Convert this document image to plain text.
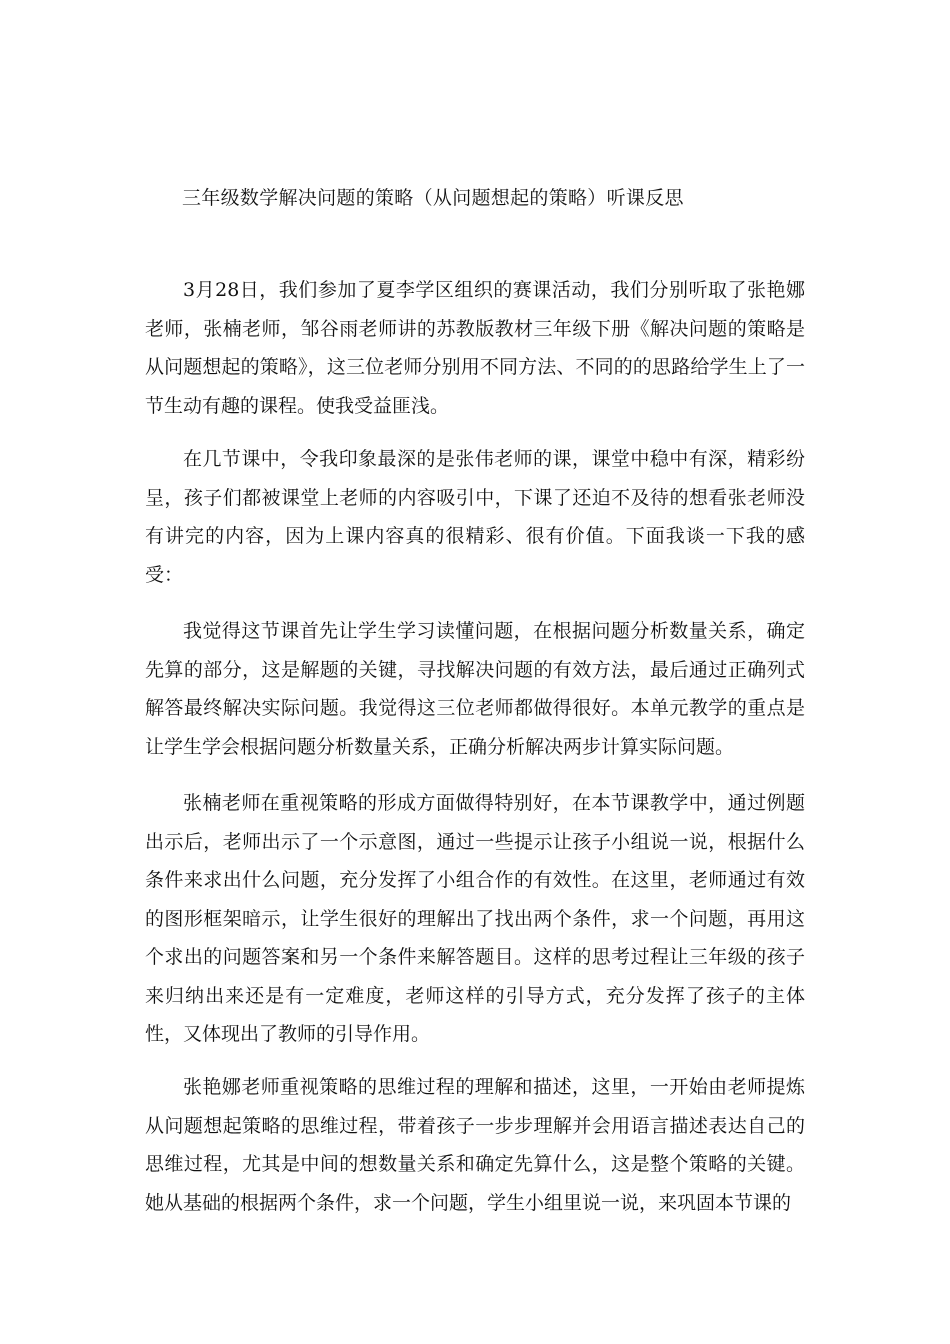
三年级数学解决问题的策略（从问题想起的策略）听课反思

3月28日，我们参加了夏李学区组织的赛课活动，我们分别听取了张艳娜老师，张楠老师，邹谷雨老师讲的苏教版教材三年级下册《解决问题的策略是从问题想起的策略》，这三位老师分别用不同方法、不同的的思路给学生上了一节生动有趣的课程。使我受益匪浅。

在几节课中，令我印象最深的是张伟老师的课，课堂中稳中有深，精彩纷呈，孩子们都被课堂上老师的内容吸引中，下课了还迫不及待的想看张老师没有讲完的内容，因为上课内容真的很精彩、很有价值。下面我谈一下我的感受：

我觉得这节课首先让学生学习读懂问题，在根据问题分析数量关系，确定先算的部分，这是解题的关键，寻找解决问题的有效方法，最后通过正确列式解答最终解决实际问题。我觉得这三位老师都做得很好。本单元教学的重点是让学生学会根据问题分析数量关系，正确分析解决两步计算实际问题。

张楠老师在重视策略的形成方面做得特别好，在本节课教学中，通过例题出示后，老师出示了一个示意图，通过一些提示让孩子小组说一说，根据什么条件来求出什么问题，充分发挥了小组合作的有效性。在这里，老师通过有效的图形框架暗示，让学生很好的理解出了找出两个条件，求一个问题，再用这个求出的问题答案和另一个条件来解答题目。这样的思考过程让三年级的孩子来归纳出来还是有一定难度，老师这样的引导方式，充分发挥了孩子的主体性，又体现出了教师的引导作用。

张艳娜老师重视策略的思维过程的理解和描述，这里，一开始由老师提炼从问题想起策略的思维过程，带着孩子一步步理解并会用语言描述表达自己的思维过程，尤其是中间的想数量关系和确定先算什么，这是整个策略的关键。她从基础的根据两个条件，求一个问题，学生小组里说一说，来巩固本节课的
